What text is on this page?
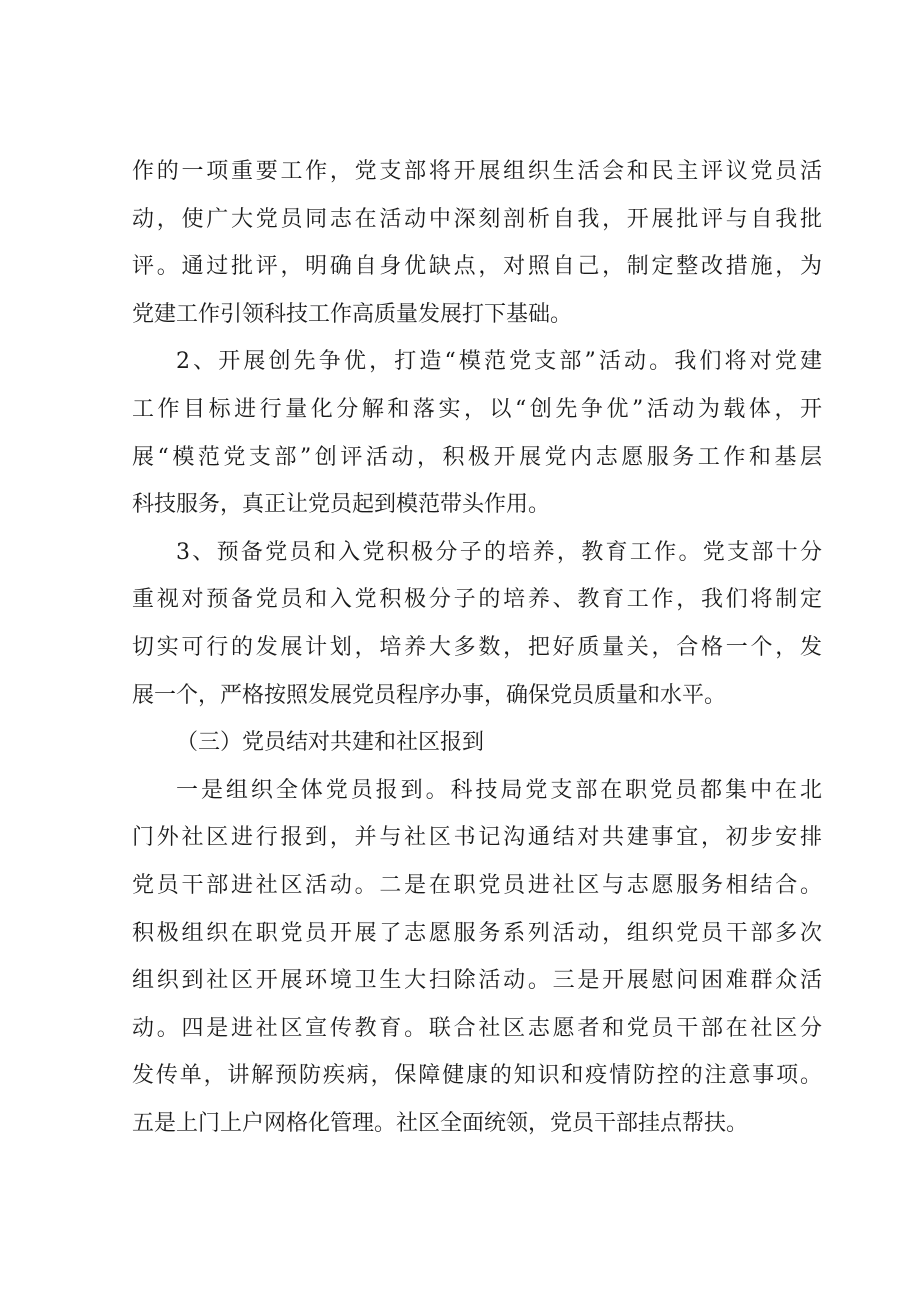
作的一项重要工作，党支部将开展组织生活会和民主评议党员活
动，使广大党员同志在活动中深刻剖析自我，开展批评与自我批
评。通过批评，明确自身优缺点，对照自己，制定整改措施，为
党建工作引领科技工作高质量发展打下基础。
2、开展创先争优，打造“模范党支部”活动。我们将对党建
工作目标进行量化分解和落实，以“创先争优”活动为载体，开
展“模范党支部”创评活动，积极开展党内志愿服务工作和基层
科技服务，真正让党员起到模范带头作用。
3、预备党员和入党积极分子的培养，教育工作。党支部十分
重视对预备党员和入党积极分子的培养、教育工作，我们将制定
切实可行的发展计划，培养大多数，把好质量关，合格一个，发
展一个，严格按照发展党员程序办事，确保党员质量和水平。
（三）党员结对共建和社区报到
一是组织全体党员报到。科技局党支部在职党员都集中在北
门外社区进行报到，并与社区书记沟通结对共建事宜，初步安排
党员干部进社区活动。二是在职党员进社区与志愿服务相结合。
积极组织在职党员开展了志愿服务系列活动，组织党员干部多次
组织到社区开展环境卫生大扫除活动。三是开展慰问困难群众活
动。四是进社区宣传教育。联合社区志愿者和党员干部在社区分
发传单，讲解预防疾病，保障健康的知识和疫情防控的注意事项。
五是上门上户网格化管理。社区全面统领，党员干部挂点帮扶。
